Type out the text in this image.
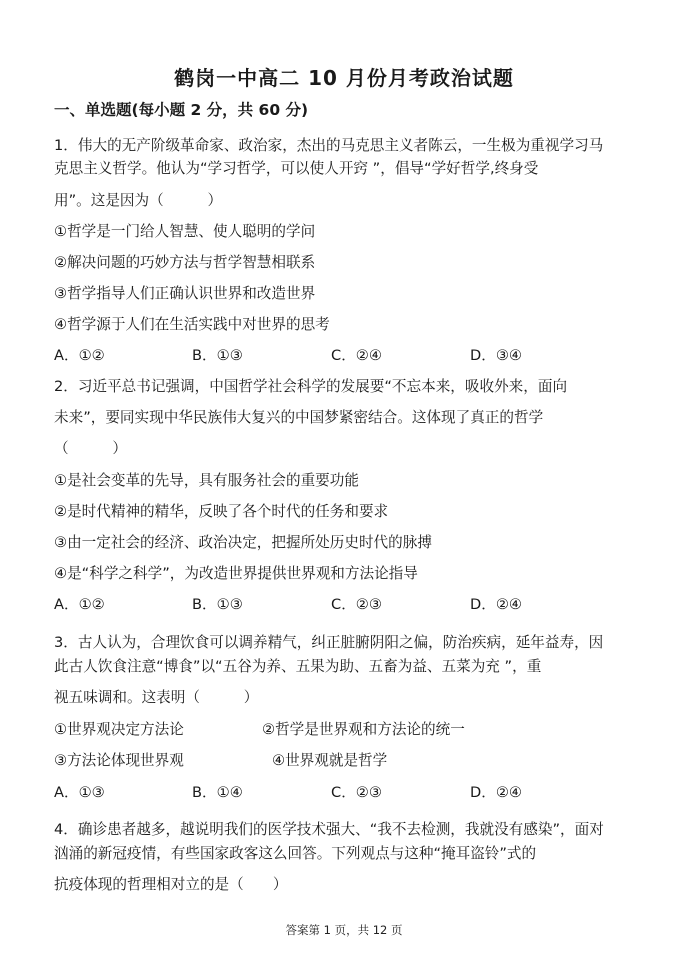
鹤岗一中高二 10 月份月考政治试题
一、单选题(每小题 2 分，共 60 分)
1．伟大的无产阶级革命家、政治家，杰出的马克思主义者陈云，一生极为重视学习马
克思主义哲学。他认为“学习哲学，可以使人开窍 ”，倡导“学好哲学,终身受
用”。这是因为（　　　）
①哲学是一门给人智慧、使人聪明的学问
②解决问题的巧妙方法与哲学智慧相联系
③哲学指导人们正确认识世界和改造世界
④哲学源于人们在生活实践中对世界的思考
A．①②	B．①③	C．②④	D．③④
2．习近平总书记强调，中国哲学社会科学的发展要“不忘本来，吸收外来，面向
未来”，要同实现中华民族伟大复兴的中国梦紧密结合。这体现了真正的哲学
（　　　）
①是社会变革的先导，具有服务社会的重要功能
②是时代精神的精华，反映了各个时代的任务和要求
③由一定社会的经济、政治决定，把握所处历史时代的脉搏
④是“科学之科学”，为改造世界提供世界观和方法论指导
A．①②	B．①③	C．②③	D．②④
3．古人认为，合理饮食可以调养精气，纠正脏腑阴阳之偏，防治疾病，延年益寿，因
此古人饮食注意“博食”以“五谷为养、五果为助、五畜为益、五菜为充 ”，重
视五味调和。这表明（　　　）
①世界观决定方法论	②哲学是世界观和方法论的统一
③方法论体现世界观	④世界观就是哲学
A．①③	B．①④	C．②③	D．②④
4．确诊患者越多，越说明我们的医学技术强大、“我不去检测，我就没有感染”，面对
汹涌的新冠疫情，有些国家政客这么回答。下列观点与这种“掩耳盗铃”式的
抗疫体现的哲理相对立的是（　　）
答案第 1 页，共 12 页
